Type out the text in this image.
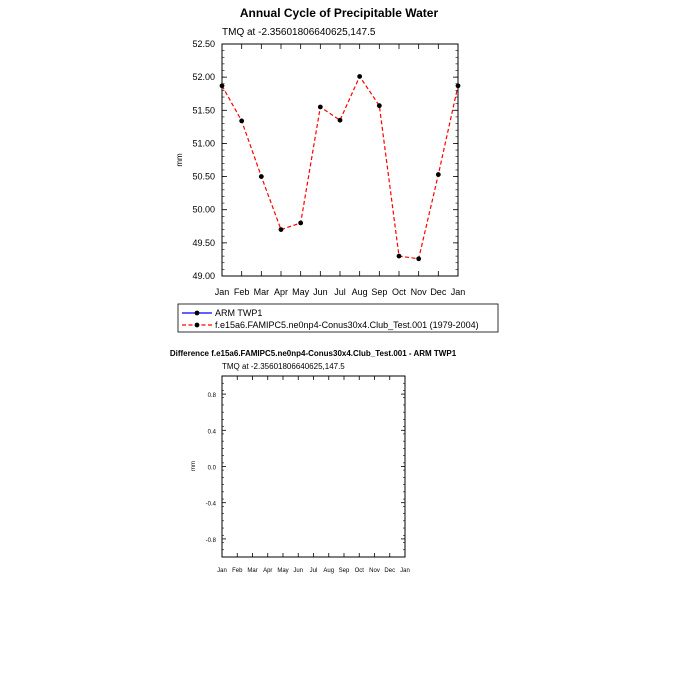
Annual Cycle of Precipitable Water
TMQ at -2.35601806640625,147.5
mm
49.00
49.50
50.00
50.50
51.00
51.50
52.00
52.50
Jan Feb Mar Apr May Jun Jul Aug Sep Oct Nov Dec Jan
ARM TWP1
f.e15a6.FAMIPC5.ne0np4-Conus30x4.Club_Test.001 (1979-2004)
Difference f.e15a6.FAMIPC5.ne0np4-Conus30x4.Club_Test.001 - ARM TWP1
TMQ at -2.35601806640625,147.5
mm
-0.8
-0.4
0.0
0.4
0.8
Jan Feb Mar Apr May Jun Jul Aug Sep Oct Nov Dec Jan
